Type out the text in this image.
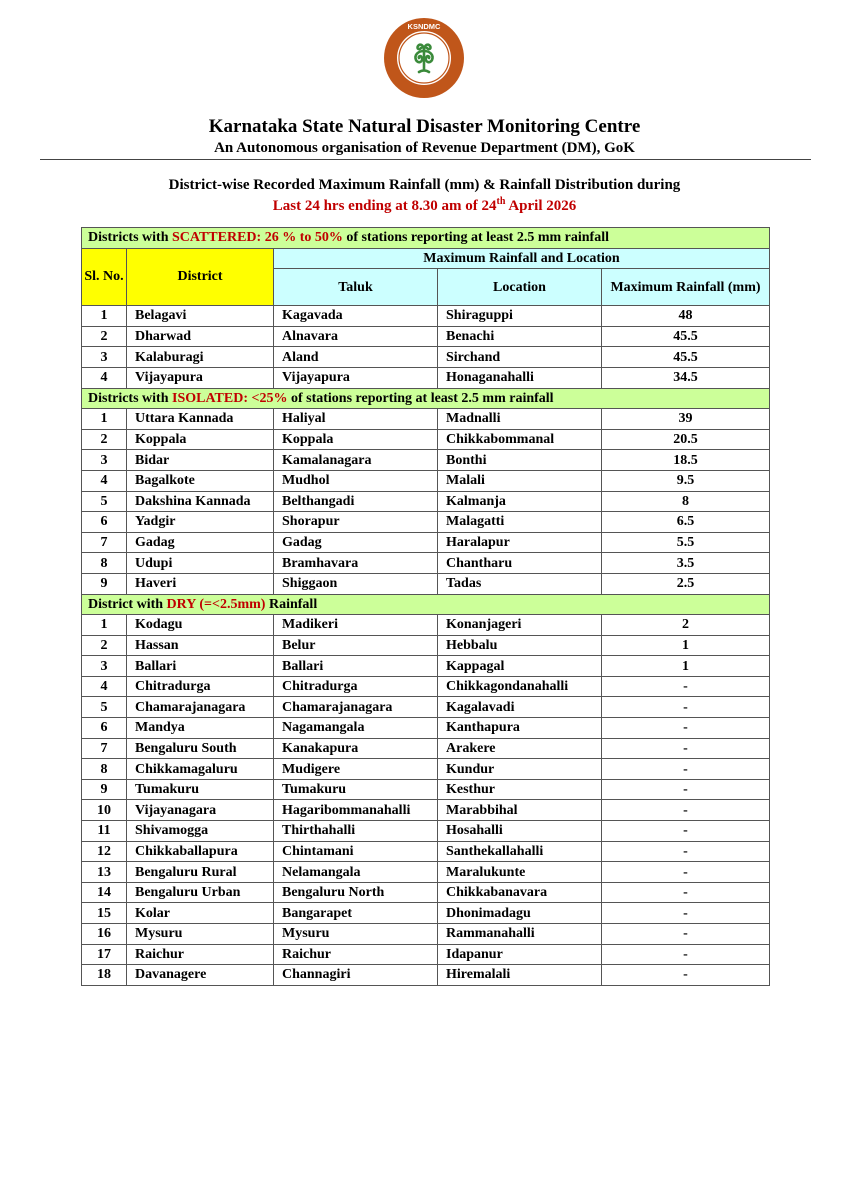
KSNDMC
Karnataka State Natural Disaster Monitoring Centre
An Autonomous organisation of Revenue Department (DM), GoK
District-wise Recorded Maximum Rainfall (mm) & Rainfall Distribution during
Last 24 hrs ending at 8.30 am of 24th April 2026
Districts with SCATTERED: 26 % to 50% of stations reporting at least 2.5 mm rainfall				
Sl. No.	District	Maximum Rainfall and Location		
		Taluk	Location	Maximum Rainfall (mm)
1	Belagavi	Kagavada	Shiraguppi	48
2	Dharwad	Alnavara	Benachi	45.5
3	Kalaburagi	Aland	Sirchand	45.5
4	Vijayapura	Vijayapura	Honaganahalli	34.5
Districts with ISOLATED: <25% of stations reporting at least 2.5 mm rainfall				
1	Uttara Kannada	Haliyal	Madnalli	39
2	Koppala	Koppala	Chikkabommanal	20.5
3	Bidar	Kamalanagara	Bonthi	18.5
4	Bagalkote	Mudhol	Malali	9.5
5	Dakshina Kannada	Belthangadi	Kalmanja	8
6	Yadgir	Shorapur	Malagatti	6.5
7	Gadag	Gadag	Haralapur	5.5
8	Udupi	Bramhavara	Chantharu	3.5
9	Haveri	Shiggaon	Tadas	2.5
District with DRY (=<2.5mm) Rainfall				
1	Kodagu	Madikeri	Konanjageri	2
2	Hassan	Belur	Hebbalu	1
3	Ballari	Ballari	Kappagal	1
4	Chitradurga	Chitradurga	Chikkagondanahalli	-
5	Chamarajanagara	Chamarajanagara	Kagalavadi	-
6	Mandya	Nagamangala	Kanthapura	-
7	Bengaluru South	Kanakapura	Arakere	-
8	Chikkamagaluru	Mudigere	Kundur	-
9	Tumakuru	Tumakuru	Kesthur	-
10	Vijayanagara	Hagaribommanahalli	Marabbihal	-
11	Shivamogga	Thirthahalli	Hosahalli	-
12	Chikkaballapura	Chintamani	Santhekallahalli	-
13	Bengaluru Rural	Nelamangala	Maralukunte	-
14	Bengaluru Urban	Bengaluru North	Chikkabanavara	-
15	Kolar	Bangarapet	Dhonimadagu	-
16	Mysuru	Mysuru	Rammanahalli	-
17	Raichur	Raichur	Idapanur	-
18	Davanagere	Channagiri	Hiremalali	-
